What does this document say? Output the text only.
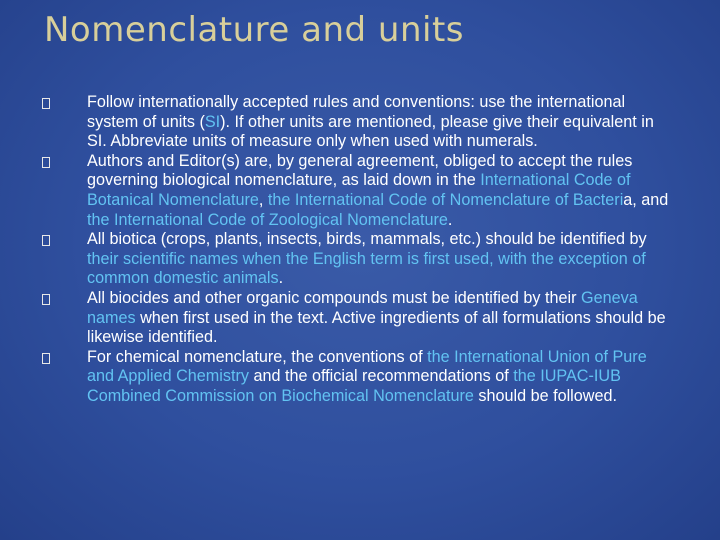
Nomenclature and units
Follow internationally accepted rules and conventions: use the international system of units (SI). If other units are mentioned, please give their equivalent in SI. Abbreviate units of measure only when used with numerals.
Authors and Editor(s) are, by general agreement, obliged to accept the rules governing biological nomenclature, as laid down in the International Code of Botanical Nomenclature, the International Code of Nomenclature of Bacteria, and the International Code of Zoological Nomenclature.
All biotica (crops, plants, insects, birds, mammals, etc.) should be identified by their scientific names when the English term is first used, with the exception of common domestic animals.
All biocides and other organic compounds must be identified by their Geneva names when first used in the text. Active ingredients of all formulations should be likewise identified.
For chemical nomenclature, the conventions of the International Union of Pure and Applied Chemistry and the official recommendations of the IUPAC-IUB Combined Commission on Biochemical Nomenclature should be followed.
